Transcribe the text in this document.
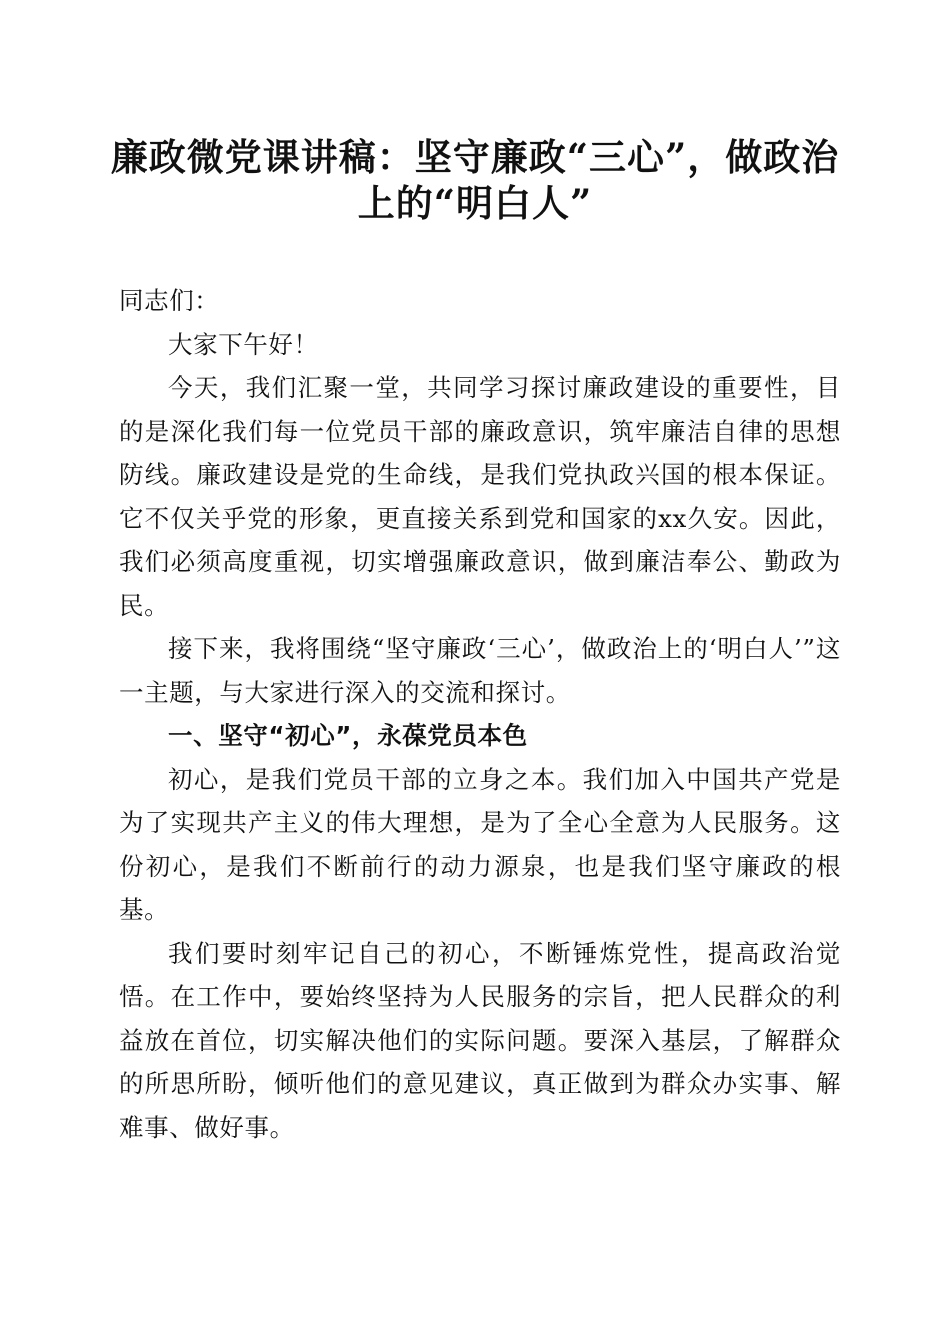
廉政微党课讲稿：坚守廉政“三心”，做政治
上的“明白人”

同志们：

大家下午好！

今天，我们汇聚一堂，共同学习探讨廉政建设的重要性，目的是深化我们每一位党员干部的廉政意识，筑牢廉洁自律的思想防线。廉政建设是党的生命线，是我们党执政兴国的根本保证。它不仅关乎党的形象，更直接关系到党和国家的xx久安。因此，我们必须高度重视，切实增强廉政意识，做到廉洁奉公、勤政为民。

接下来，我将围绕“坚守廉政‘三心’，做政治上的‘明白人’”这一主题，与大家进行深入的交流和探讨。

一、坚守“初心”，永葆党员本色

初心，是我们党员干部的立身之本。我们加入中国共产党是为了实现共产主义的伟大理想，是为了全心全意为人民服务。这份初心，是我们不断前行的动力源泉，也是我们坚守廉政的根基。

我们要时刻牢记自己的初心，不断锤炼党性，提高政治觉悟。在工作中，要始终坚持为人民服务的宗旨，把人民群众的利益放在首位，切实解决他们的实际问题。要深入基层，了解群众的所思所盼，倾听他们的意见建议，真正做到为群众办实事、解难事、做好事。
